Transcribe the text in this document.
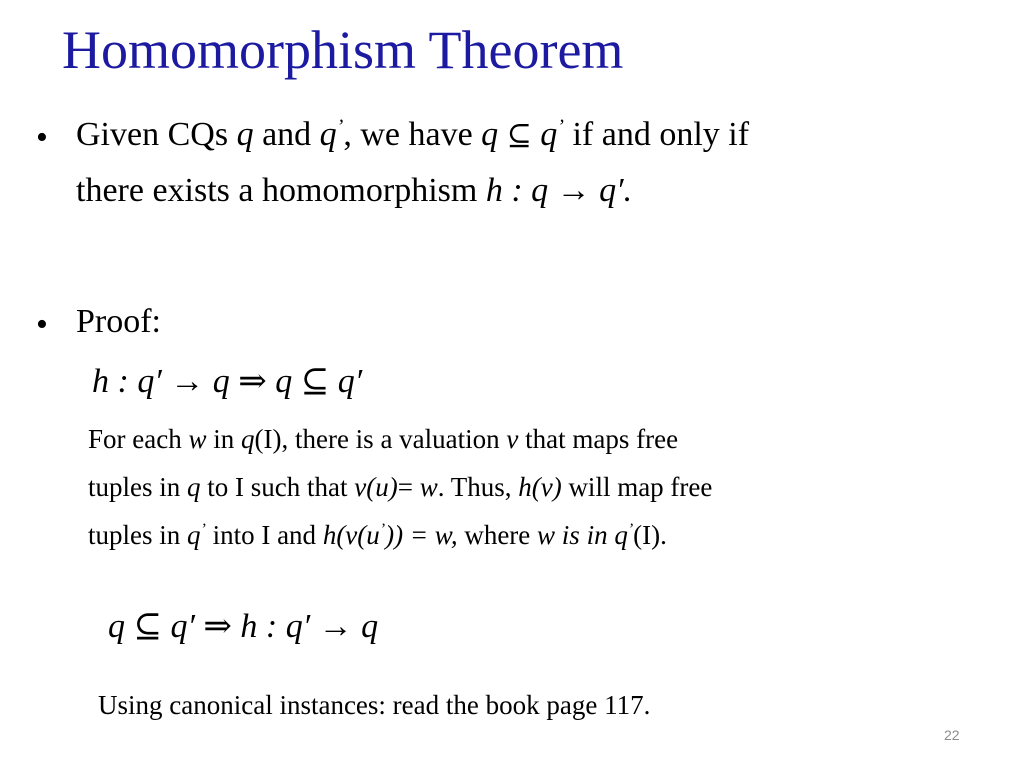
Homomorphism Theorem
• Given CQs q and q’, we have q ⊆ q’ if and only if
there exists a homomorphism h : q → q′.
• Proof:
h : q′ → q ⇒ q ⊆ q′
For each w in q(I), there is a valuation v that maps free
tuples in q to I such that v(u)= w. Thus, h(v) will map free
tuples in q’ into I and h(v(u’)) = w, where w is in q’(I).
q ⊆ q′ ⇒ h : q′ → q
Using canonical instances: read the book page 117.
22
